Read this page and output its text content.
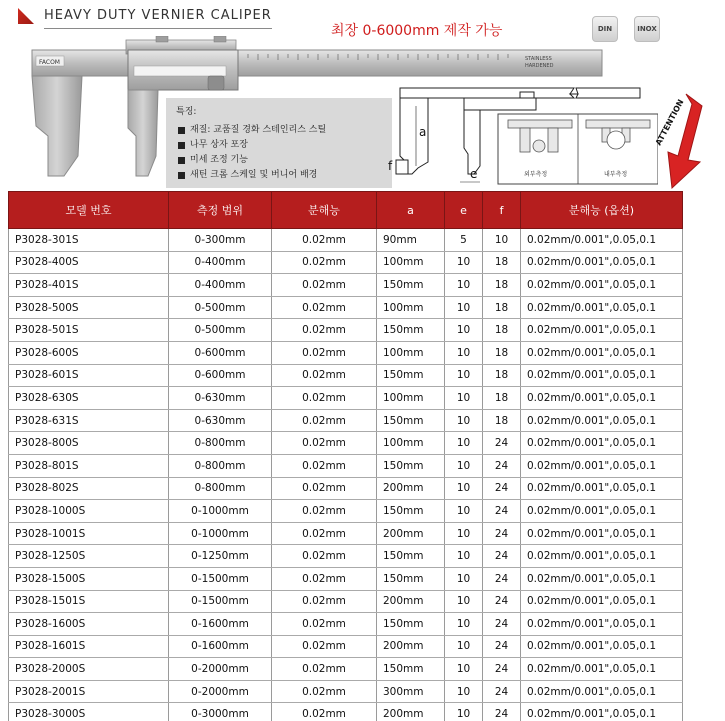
HEAVY DUTY VERNIER CALIPER
최장 0-6000mm 제작 가능	DIN	INOX
FACOM	STAINLESS
HARDENED
특징:
재질: 교품질 경화 스테인리스 스틸
나무 상자 포장
미세 조정 기능
새틴 크롬 스케일 및 버니어 배경
a
f
e	외부측정	내부측정
ATTENTION
모델 번호	측정 범위	분해능	a	e	f	분해능 (옵션)
P3028-301S	0-300mm	0.02mm	90mm	5	10	0.02mm/0.001",0.05,0.1
P3028-400S	0-400mm	0.02mm	100mm	10	18	0.02mm/0.001",0.05,0.1
P3028-401S	0-400mm	0.02mm	150mm	10	18	0.02mm/0.001",0.05,0.1
P3028-500S	0-500mm	0.02mm	100mm	10	18	0.02mm/0.001",0.05,0.1
P3028-501S	0-500mm	0.02mm	150mm	10	18	0.02mm/0.001",0.05,0.1
P3028-600S	0-600mm	0.02mm	100mm	10	18	0.02mm/0.001",0.05,0.1
P3028-601S	0-600mm	0.02mm	150mm	10	18	0.02mm/0.001",0.05,0.1
P3028-630S	0-630mm	0.02mm	100mm	10	18	0.02mm/0.001",0.05,0.1
P3028-631S	0-630mm	0.02mm	150mm	10	18	0.02mm/0.001",0.05,0.1
P3028-800S	0-800mm	0.02mm	100mm	10	24	0.02mm/0.001",0.05,0.1
P3028-801S	0-800mm	0.02mm	150mm	10	24	0.02mm/0.001",0.05,0.1
P3028-802S	0-800mm	0.02mm	200mm	10	24	0.02mm/0.001",0.05,0.1
P3028-1000S	0-1000mm	0.02mm	150mm	10	24	0.02mm/0.001",0.05,0.1
P3028-1001S	0-1000mm	0.02mm	200mm	10	24	0.02mm/0.001",0.05,0.1
P3028-1250S	0-1250mm	0.02mm	150mm	10	24	0.02mm/0.001",0.05,0.1
P3028-1500S	0-1500mm	0.02mm	150mm	10	24	0.02mm/0.001",0.05,0.1
P3028-1501S	0-1500mm	0.02mm	200mm	10	24	0.02mm/0.001",0.05,0.1
P3028-1600S	0-1600mm	0.02mm	150mm	10	24	0.02mm/0.001",0.05,0.1
P3028-1601S	0-1600mm	0.02mm	200mm	10	24	0.02mm/0.001",0.05,0.1
P3028-2000S	0-2000mm	0.02mm	150mm	10	24	0.02mm/0.001",0.05,0.1
P3028-2001S	0-2000mm	0.02mm	300mm	10	24	0.02mm/0.001",0.05,0.1
P3028-3000S	0-3000mm	0.02mm	200mm	10	24	0.02mm/0.001",0.05,0.1
